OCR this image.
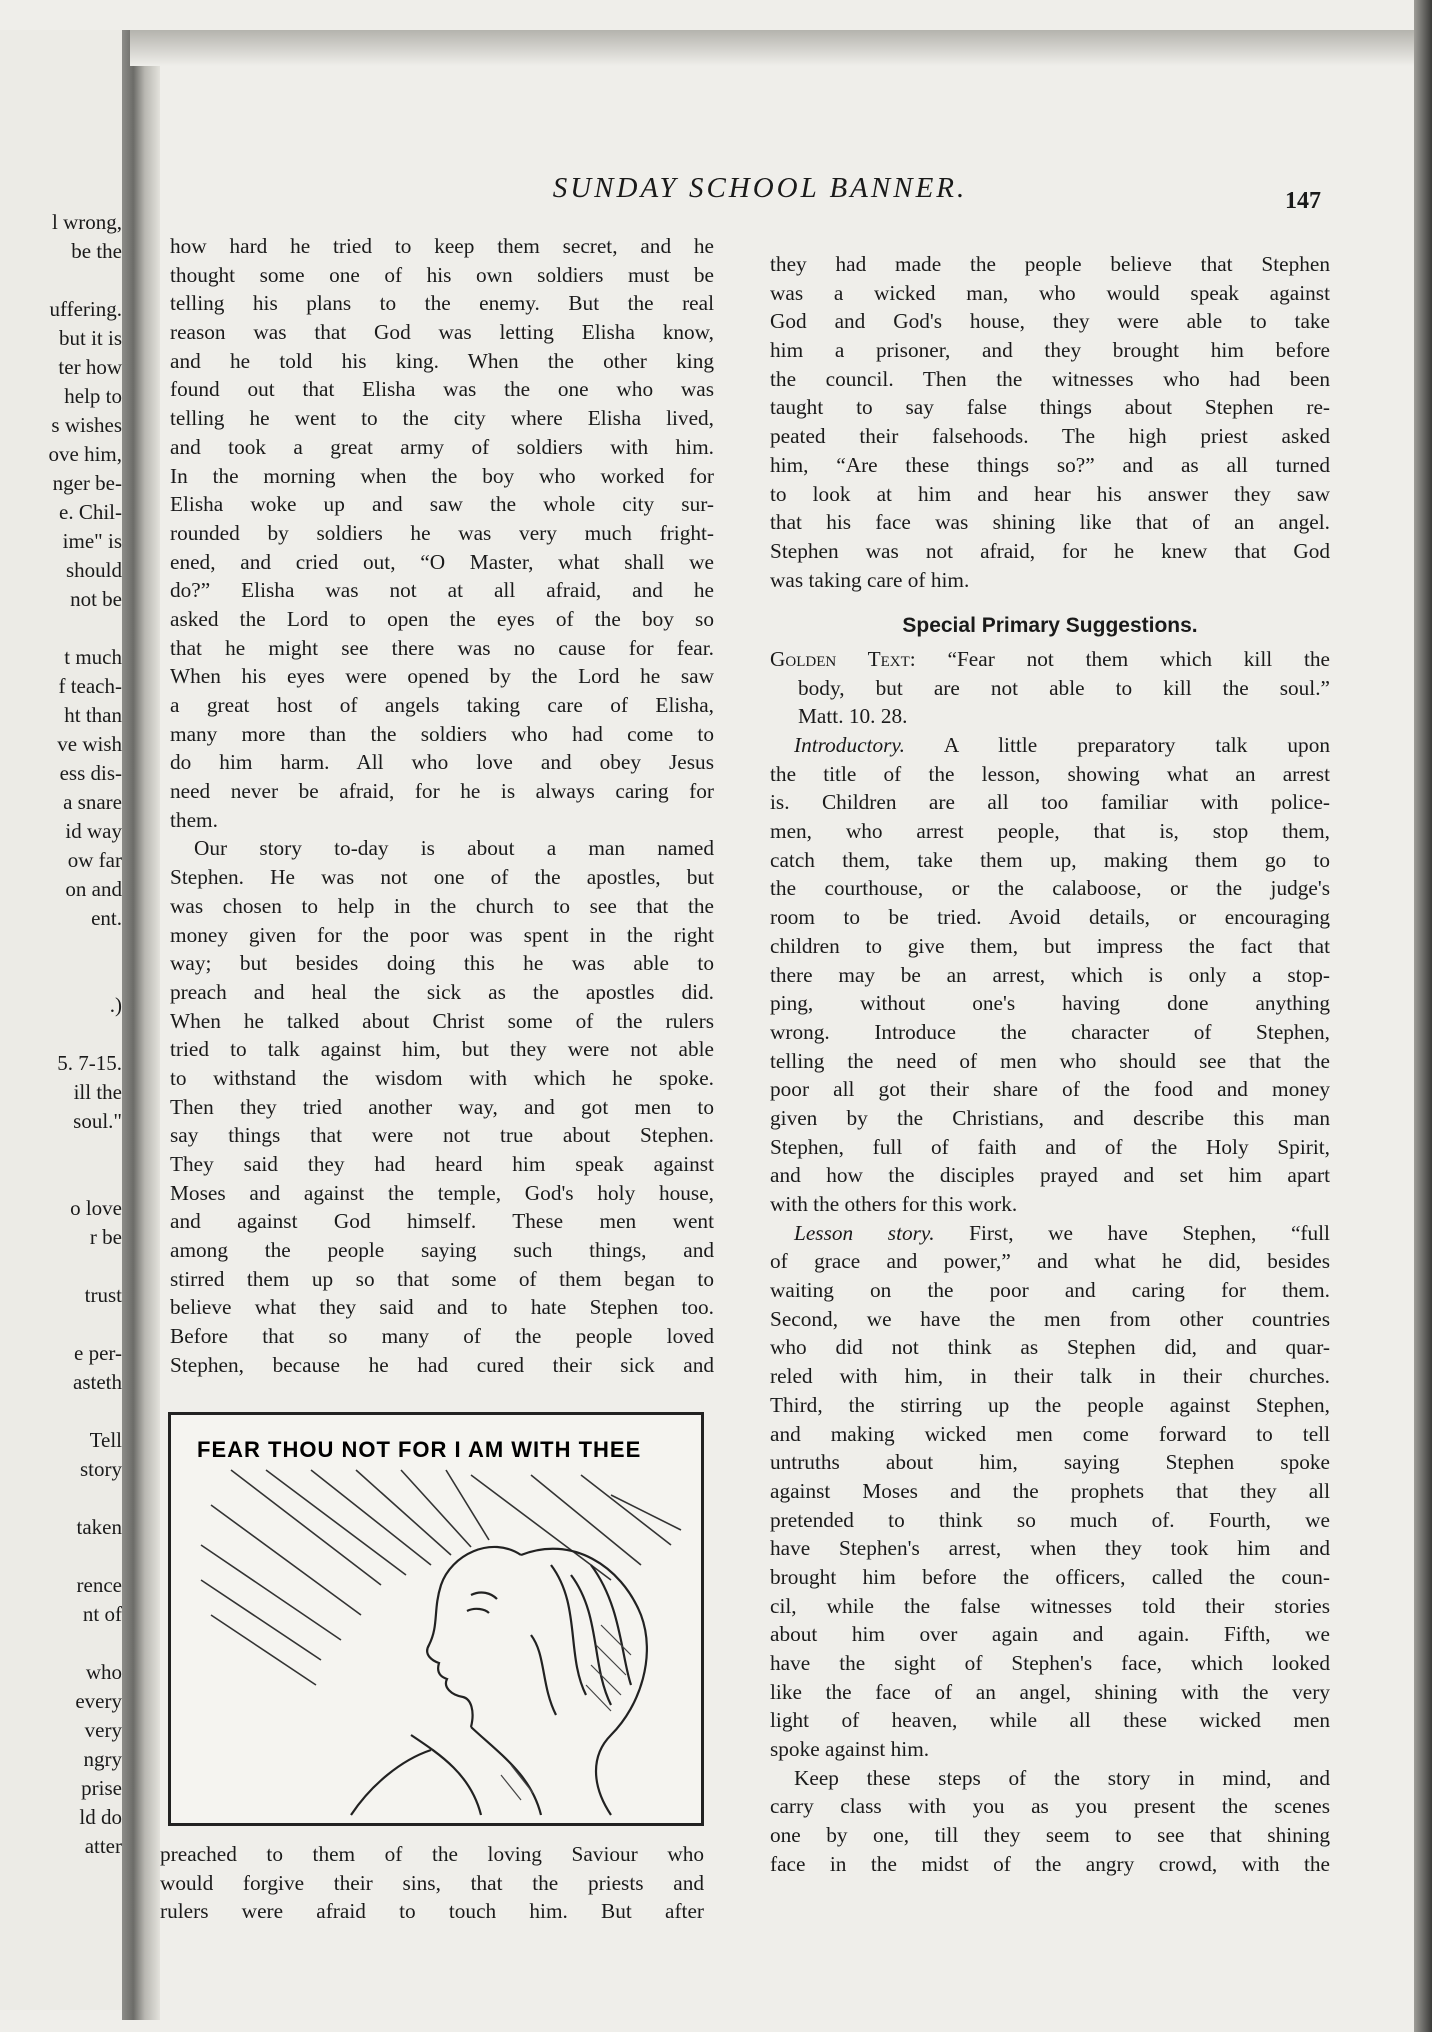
l wrong,
be the
uffering.
but it is
ter how
help to
s wishes
ove him,
nger be-
e. Chil-
ime" is
should
not be
t much
f teach-
ht than
ve wish
ess dis-
a snare
id way
ow far
on and
ent.
.)
5. 7-15.
ill the
soul."
o love
r be
trust
e per-
asteth
Tell
story
taken
rence
nt of
who
every
very
ngry
prise
ld do
atter
SUNDAY SCHOOL BANNER.	147
how hard he tried to keep them secret, and he
thought some one of his own soldiers must be
telling his plans to the enemy. But the real
reason was that God was letting Elisha know,
and he told his king. When the other king
found out that Elisha was the one who was
telling he went to the city where Elisha lived,
and took a great army of soldiers with him.
In the morning when the boy who worked for
Elisha woke up and saw the whole city sur-
rounded by soldiers he was very much fright-
ened, and cried out, “O Master, what shall we
do?” Elisha was not at all afraid, and he
asked the Lord to open the eyes of the boy so
that he might see there was no cause for fear.
When his eyes were opened by the Lord he saw
a great host of angels taking care of Elisha,
many more than the soldiers who had come to
do him harm. All who love and obey Jesus
need never be afraid, for he is always caring for
them.
Our story to-day is about a man named
Stephen. He was not one of the apostles, but
was chosen to help in the church to see that the
money given for the poor was spent in the right
way; but besides doing this he was able to
preach and heal the sick as the apostles did.
When he talked about Christ some of the rulers
tried to talk against him, but they were not able
to withstand the wisdom with which he spoke.
Then they tried another way, and got men to
say things that were not true about Stephen.
They said they had heard him speak against
Moses and against the temple, God's holy house,
and against God himself. These men went
among the people saying such things, and
stirred them up so that some of them began to
believe what they said and to hate Stephen too.
Before that so many of the people loved
Stephen, because he had cured their sick and
FEAR THOU NOT FOR I AM WITH THEE
preached to them of the loving Saviour who
would forgive their sins, that the priests and
rulers were afraid to touch him. But after
they had made the people believe that Stephen
was a wicked man, who would speak against
God and God's house, they were able to take
him a prisoner, and they brought him before
the council. Then the witnesses who had been
taught to say false things about Stephen re-
peated their falsehoods. The high priest asked
him, “Are these things so?” and as all turned
to look at him and hear his answer they saw
that his face was shining like that of an angel.
Stephen was not afraid, for he knew that God
was taking care of him.
Special Primary Suggestions.
Golden Text: “Fear not them which kill the
body, but are not able to kill the soul.”
Matt. 10. 28.
Introductory. A little preparatory talk upon
the title of the lesson, showing what an arrest
is. Children are all too familiar with police-
men, who arrest people, that is, stop them,
catch them, take them up, making them go to
the courthouse, or the calaboose, or the judge's
room to be tried. Avoid details, or encouraging
children to give them, but impress the fact that
there may be an arrest, which is only a stop-
ping, without one's having done anything
wrong. Introduce the character of Stephen,
telling the need of men who should see that the
poor all got their share of the food and money
given by the Christians, and describe this man
Stephen, full of faith and of the Holy Spirit,
and how the disciples prayed and set him apart
with the others for this work.
Lesson story. First, we have Stephen, “full
of grace and power,” and what he did, besides
waiting on the poor and caring for them.
Second, we have the men from other countries
who did not think as Stephen did, and quar-
reled with him, in their talk in their churches.
Third, the stirring up the people against Stephen,
and making wicked men come forward to tell
untruths about him, saying Stephen spoke
against Moses and the prophets that they all
pretended to think so much of. Fourth, we
have Stephen's arrest, when they took him and
brought him before the officers, called the coun-
cil, while the false witnesses told their stories
about him over again and again. Fifth, we
have the sight of Stephen's face, which looked
like the face of an angel, shining with the very
light of heaven, while all these wicked men
spoke against him.
Keep these steps of the story in mind, and
carry class with you as you present the scenes
one by one, till they seem to see that shining
face in the midst of the angry crowd, with the
